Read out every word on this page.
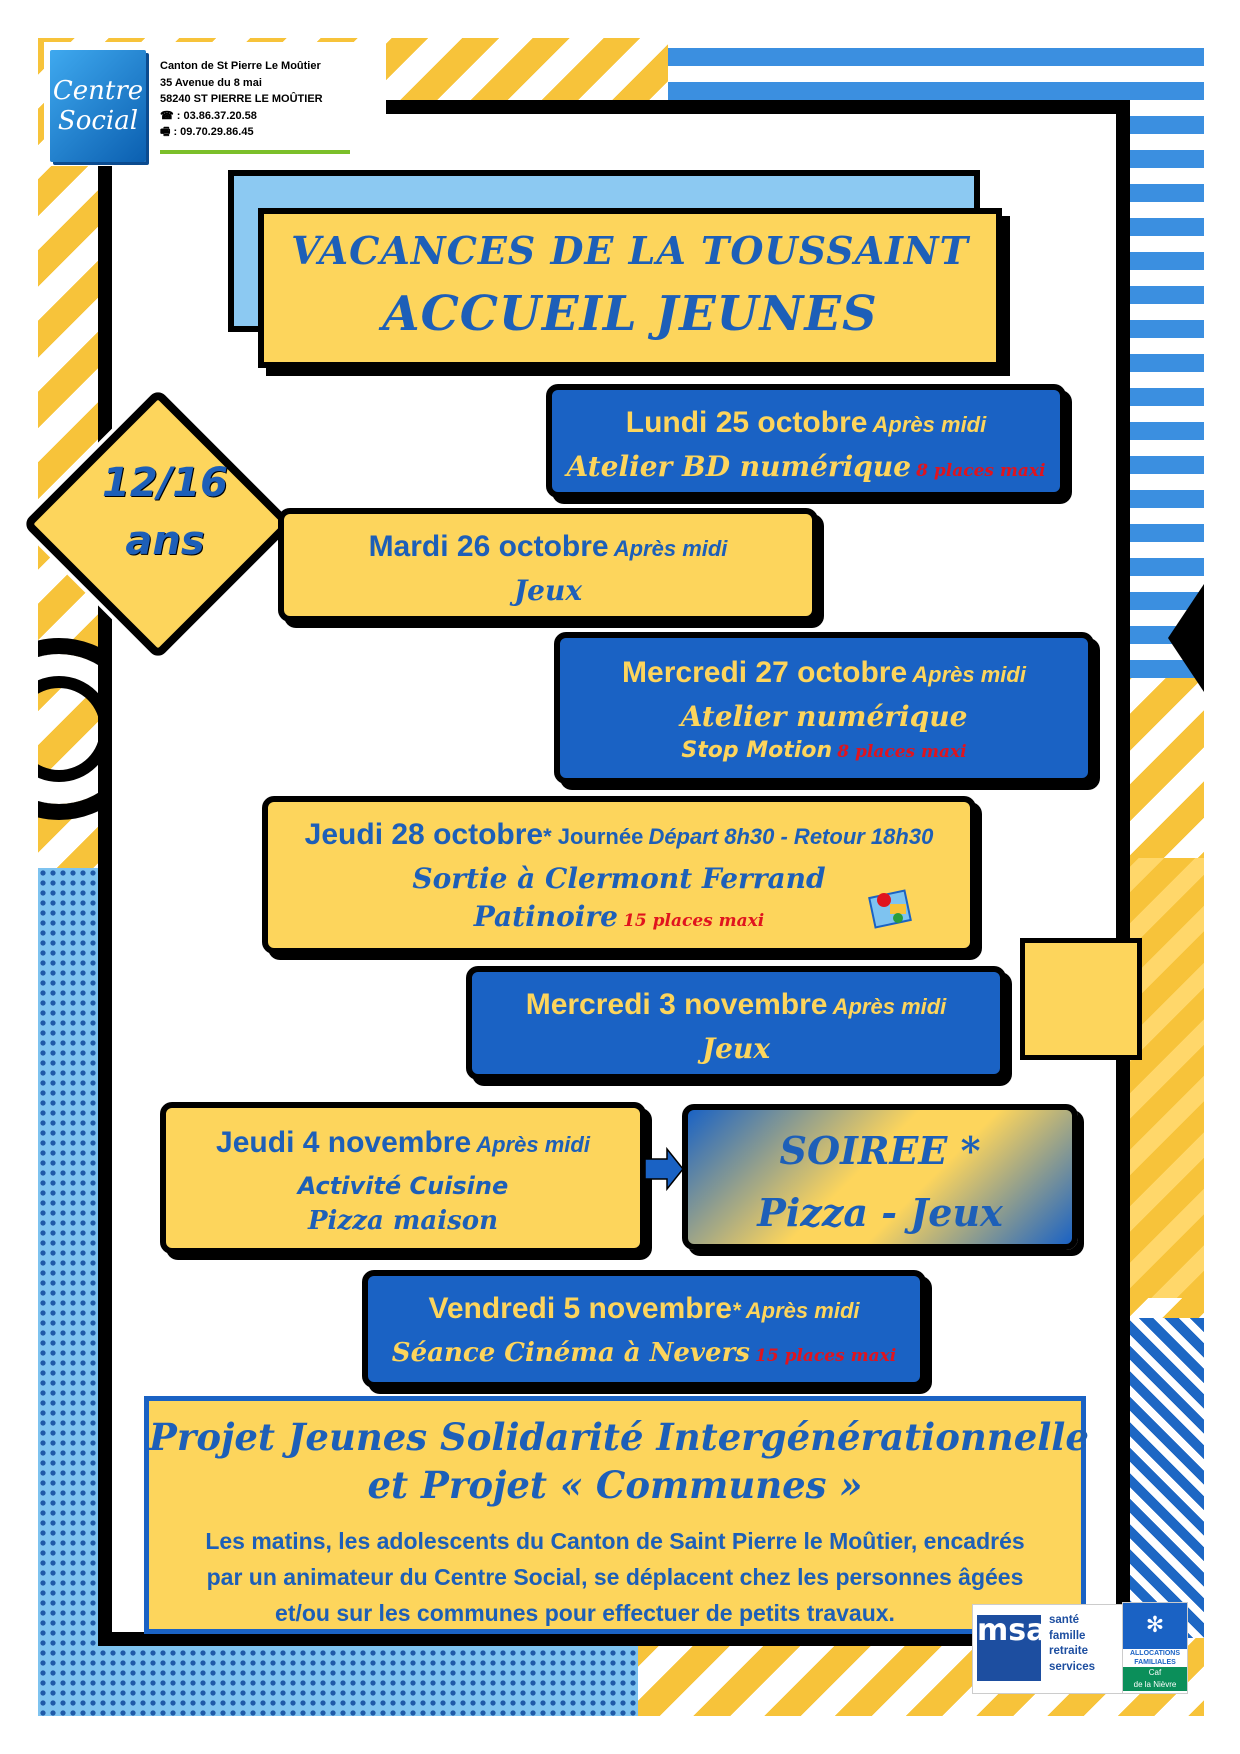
Centre
Social
Canton de St Pierre Le Moûtier
35 Avenue du 8 mai
58240 ST PIERRE LE MOÛTIER
☎ : 03.86.37.20.58
🖷 : 09.70.29.86.45
VACANCES DE LA TOUSSAINT
ACCUEIL JEUNES
12/16
ans
Lundi 25 octobre Après midi
Atelier BD numérique 8 places maxi
Mardi 26 octobre Après midi
Jeux
Mercredi 27 octobre Après midi
Atelier numérique
Stop Motion 8 places maxi
Jeudi 28 octobre* Journée Départ 8h30 - Retour 18h30
Sortie à Clermont Ferrand
Patinoire 15 places maxi
Mercredi 3 novembre Après midi
Jeux
Jeudi 4 novembre Après midi
Activité Cuisine
Pizza maison
SOIREE *
Pizza - Jeux
Vendredi 5 novembre* Après midi
Séance Cinéma à Nevers 15 places maxi
Projet Jeunes Solidarité Intergénérationnelle
et Projet « Communes »
Les matins, les adolescents du Canton de Saint Pierre le Moûtier, encadrés
par un animateur du Centre Social, se déplacent chez les personnes âgées
et/ou sur les communes pour effectuer de petits travaux.	msa santé
famille
retraite
services
✻
ALLOCATIONS
FAMILIALES
Caf
de la Nièvre
